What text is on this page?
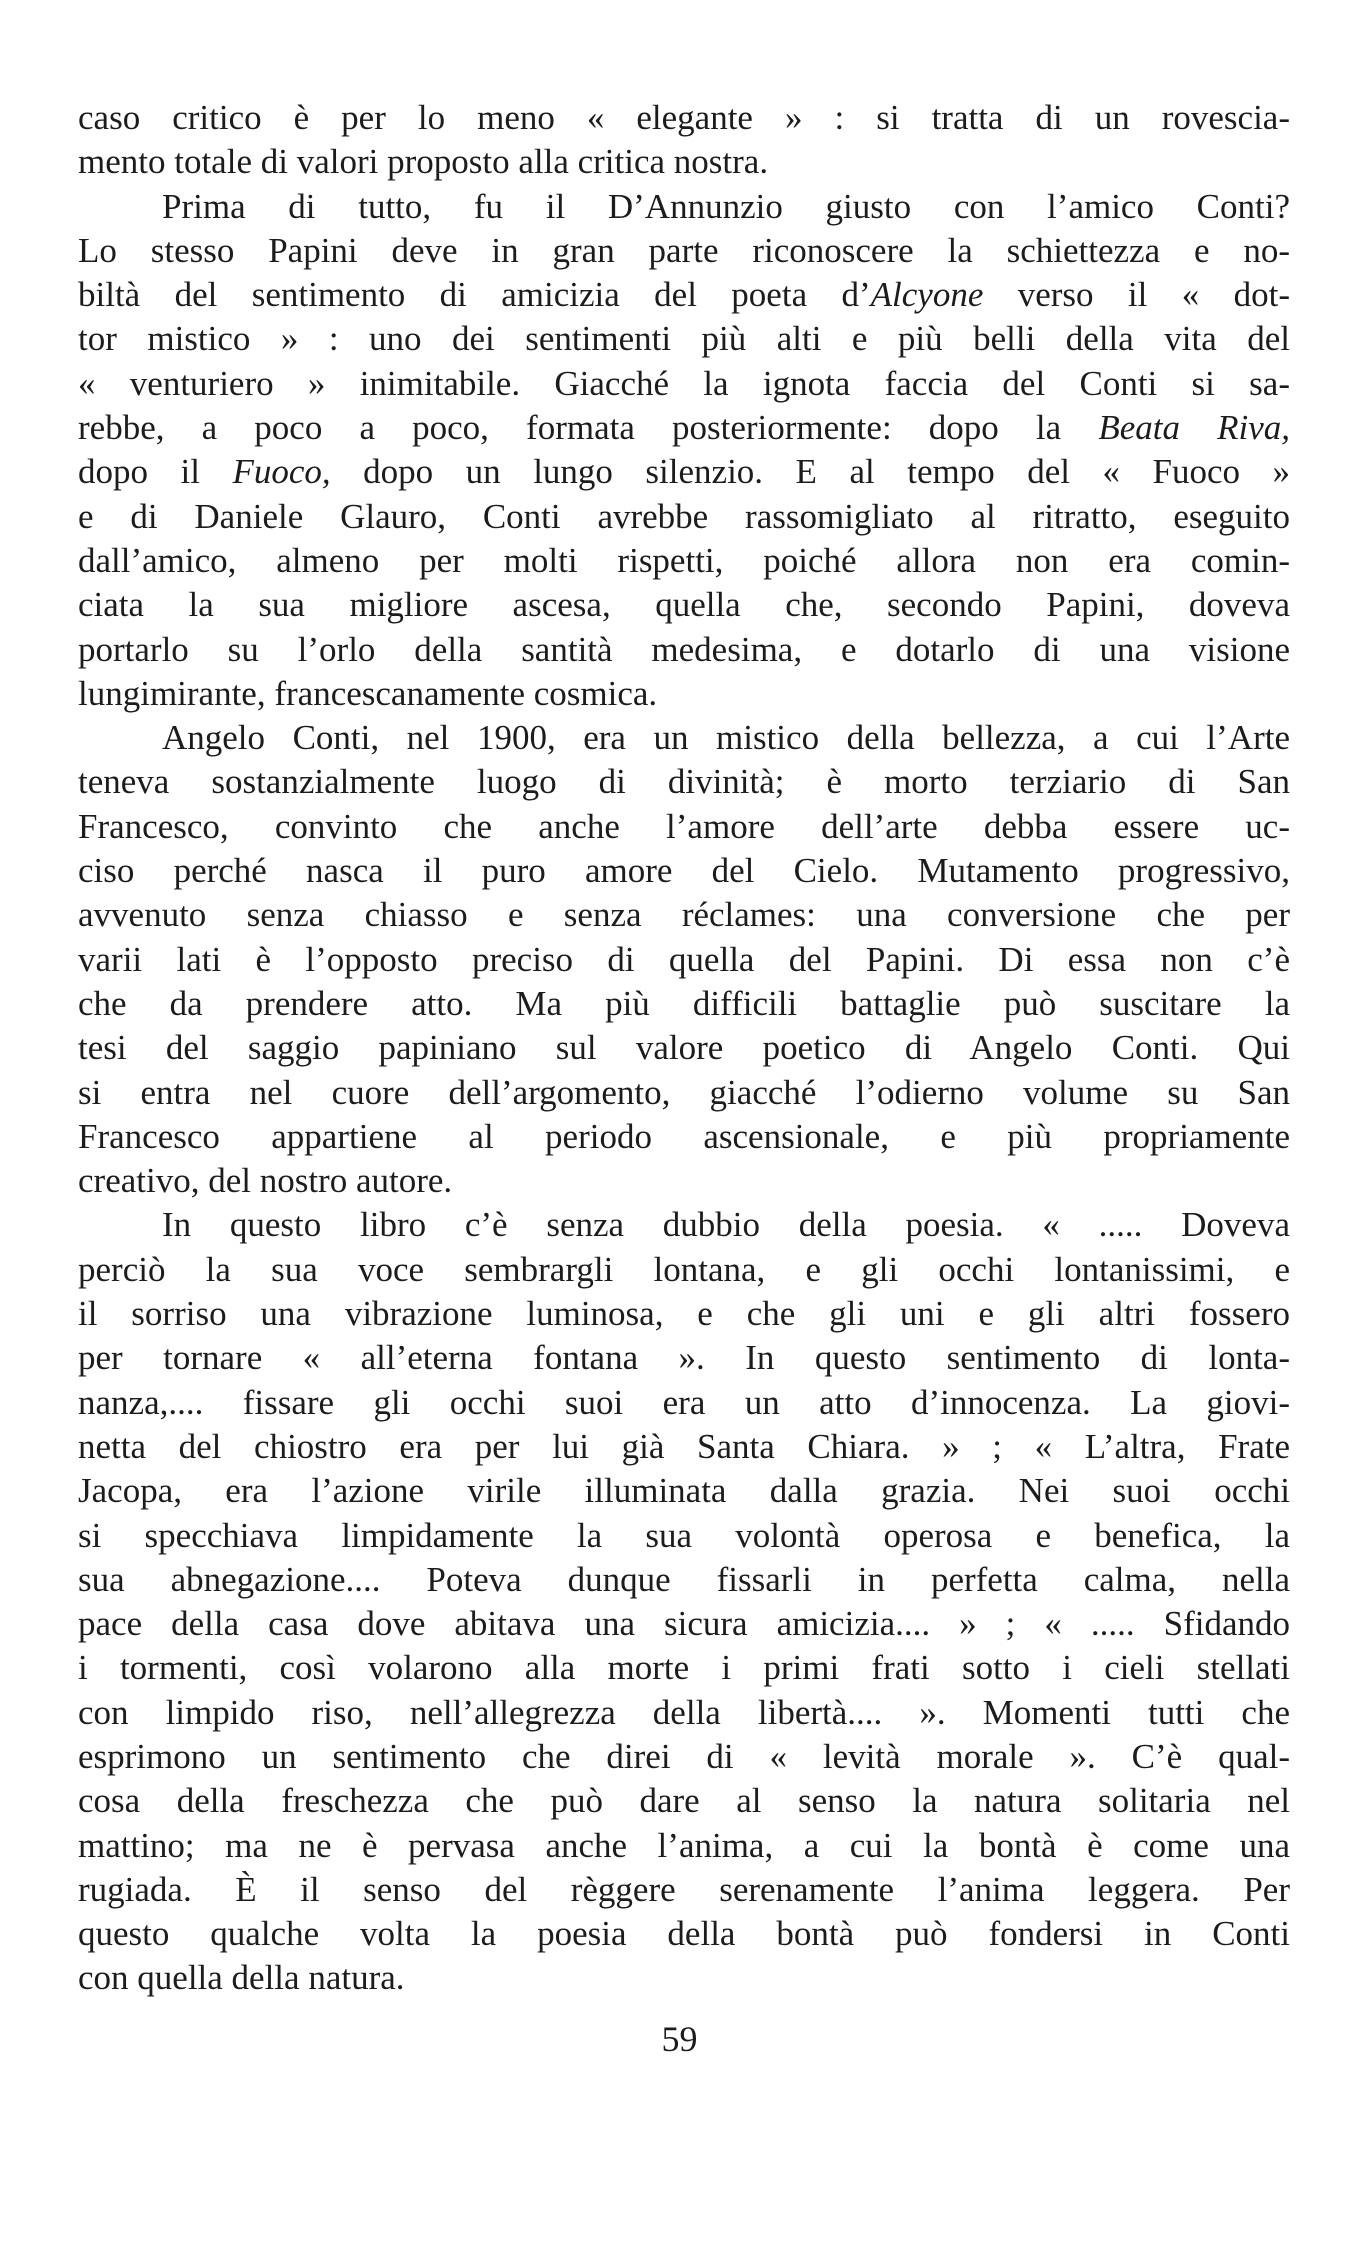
caso critico è per lo meno « elegante » : si tratta di un rovescia-
mento totale di valori proposto alla critica nostra.
Prima di tutto, fu il D’Annunzio giusto con l’amico Conti?
Lo stesso Papini deve in gran parte riconoscere la schiettezza e no-
biltà del sentimento di amicizia del poeta d’Alcyone verso il « dot-
tor mistico » : uno dei sentimenti più alti e più belli della vita del
« venturiero » inimitabile. Giacché la ignota faccia del Conti si sa-
rebbe, a poco a poco, formata posteriormente: dopo la Beata Riva,
dopo il Fuoco, dopo un lungo silenzio. E al tempo del « Fuoco »
e di Daniele Glauro, Conti avrebbe rassomigliato al ritratto, eseguito
dall’amico, almeno per molti rispetti, poiché allora non era comin-
ciata la sua migliore ascesa, quella che, secondo Papini, doveva
portarlo su l’orlo della santità medesima, e dotarlo di una visione
lungimirante, francescanamente cosmica.
Angelo Conti, nel 1900, era un mistico della bellezza, a cui l’Arte
teneva sostanzialmente luogo di divinità; è morto terziario di San
Francesco, convinto che anche l’amore dell’arte debba essere uc-
ciso perché nasca il puro amore del Cielo. Mutamento progressivo,
avvenuto senza chiasso e senza réclames: una conversione che per
varii lati è l’opposto preciso di quella del Papini. Di essa non c’è
che da prendere atto. Ma più difficili battaglie può suscitare la
tesi del saggio papiniano sul valore poetico di Angelo Conti. Qui
si entra nel cuore dell’argomento, giacché l’odierno volume su San
Francesco appartiene al periodo ascensionale, e più propriamente
creativo, del nostro autore.
In questo libro c’è senza dubbio della poesia. « ..... Doveva
perciò la sua voce sembrargli lontana, e gli occhi lontanissimi, e
il sorriso una vibrazione luminosa, e che gli uni e gli altri fossero
per tornare « all’eterna fontana ». In questo sentimento di lonta-
nanza,.... fissare gli occhi suoi era un atto d’innocenza. La giovi-
netta del chiostro era per lui già Santa Chiara. » ; « L’altra, Frate
Jacopa, era l’azione virile illuminata dalla grazia. Nei suoi occhi
si specchiava limpidamente la sua volontà operosa e benefica, la
sua abnegazione.... Poteva dunque fissarli in perfetta calma, nella
pace della casa dove abitava una sicura amicizia.... » ; « ..... Sfidando
i tormenti, così volarono alla morte i primi frati sotto i cieli stellati
con limpido riso, nell’allegrezza della libertà.... ». Momenti tutti che
esprimono un sentimento che direi di « levità morale ». C’è qual-
cosa della freschezza che può dare al senso la natura solitaria nel
mattino; ma ne è pervasa anche l’anima, a cui la bontà è come una
rugiada. È il senso del règgere serenamente l’anima leggera. Per
questo qualche volta la poesia della bontà può fondersi in Conti
con quella della natura.
59
